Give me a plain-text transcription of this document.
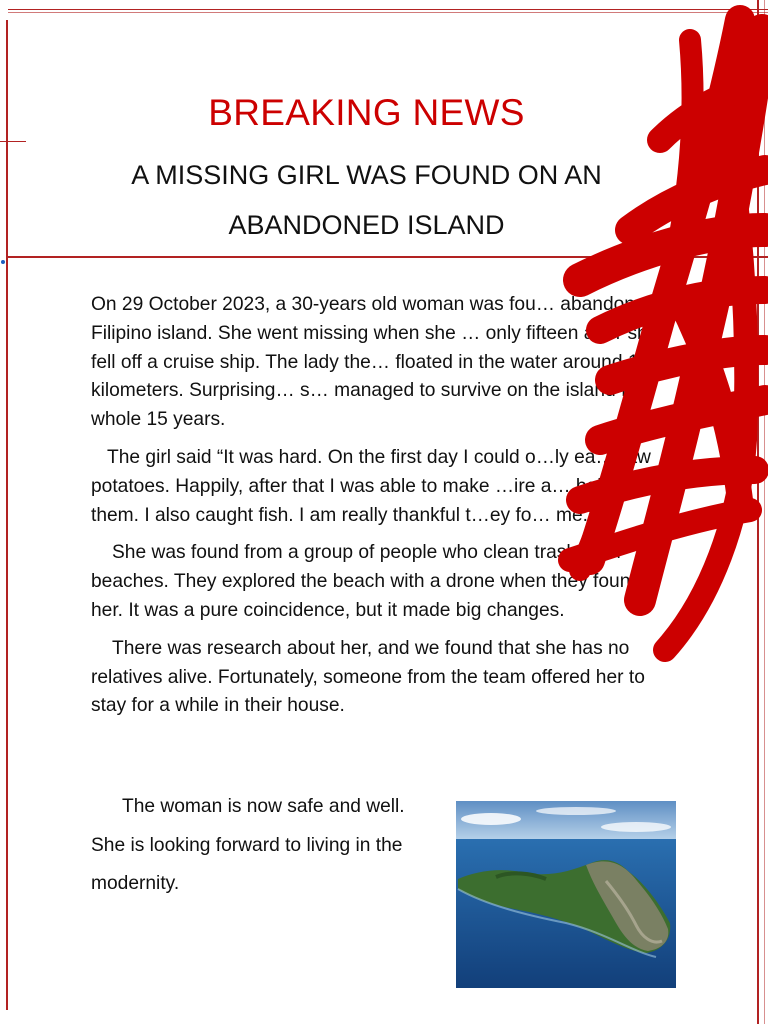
BREAKING NEWS
A MISSING GIRL WAS FOUND ON AN
ABANDONED ISLAND

On 29 October 2023, a 30-years old woman was fou… abandoned Filipino island. She went missing when she … only fifteen after she fell off a cruise ship. The lady the… floated in the water around 12 kilometers. Surprising… s… managed to survive on the island for whole 15 years.

The girl said “It was hard. On the first day I could o…ly ea… raw potatoes. Happily, after that I was able to make …ire a… bake them. I also caught fish. I am really thankful t…ey fo… me.”

She was found from a group of people who clean trash from beaches. They explored the beach with a drone when they found her. It was a pure coincidence, but it made big changes.

There was research about her, and we found that she has no relatives alive. Fortunately, someone from the team offered her to stay for a while in their house.

The woman is now safe and well.

She is looking forward to living in the

modernity.
